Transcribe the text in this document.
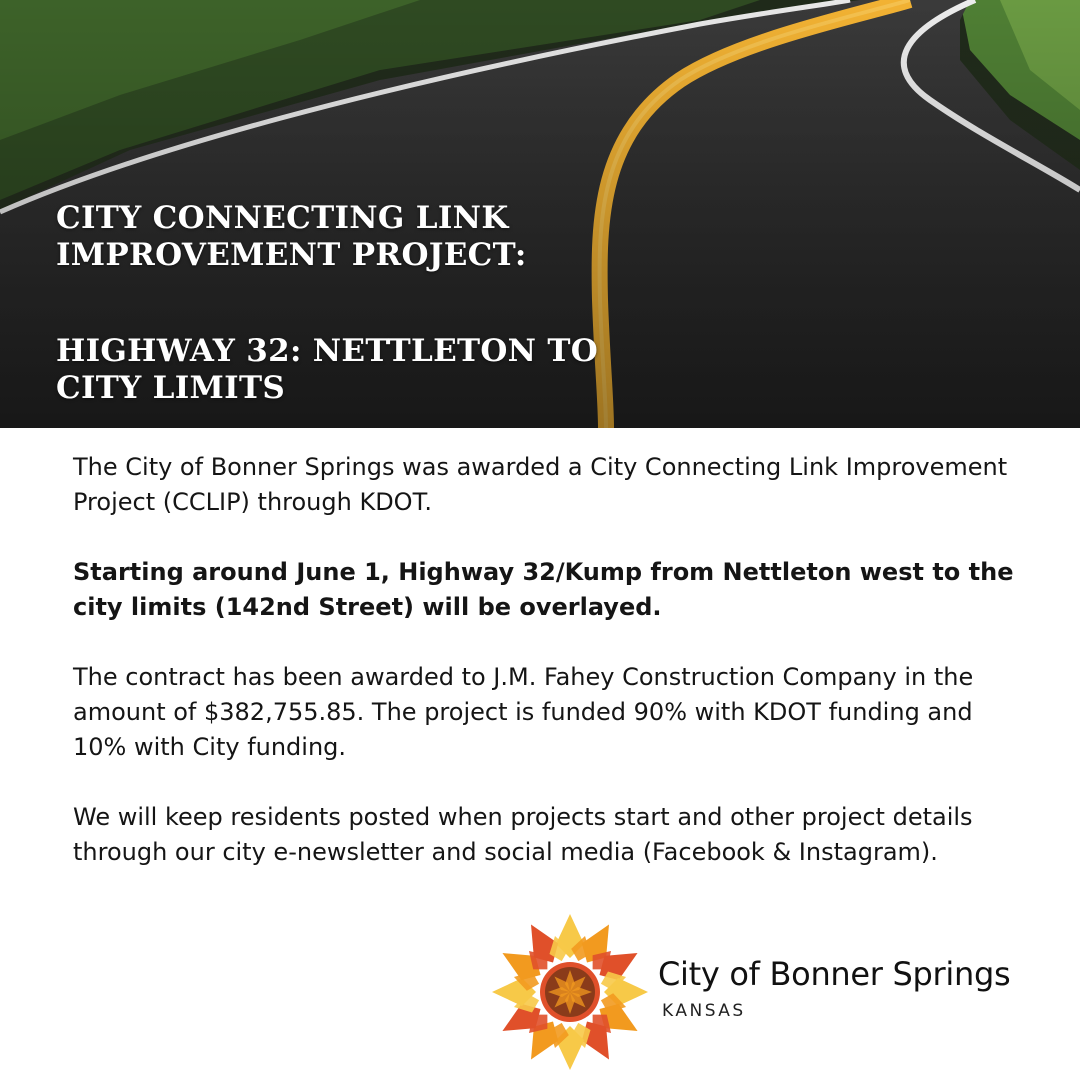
CITY CONNECTING LINK
IMPROVEMENT PROJECT:
HIGHWAY 32: NETTLETON TO
CITY LIMITS

The City of Bonner Springs was awarded a City Connecting Link Improvement Project (CCLIP) through KDOT.

Starting around June 1, Highway 32/Kump from Nettleton west to the city limits (142nd Street) will be overlayed.

The contract has been awarded to J.M. Fahey Construction Company in the amount of $382,755.85. The project is funded 90% with KDOT funding and 10% with City funding.

We will keep residents posted when projects start and other project details through our city e-newsletter and social media (Facebook & Instagram).

City of Bonner Springs
KANSAS
